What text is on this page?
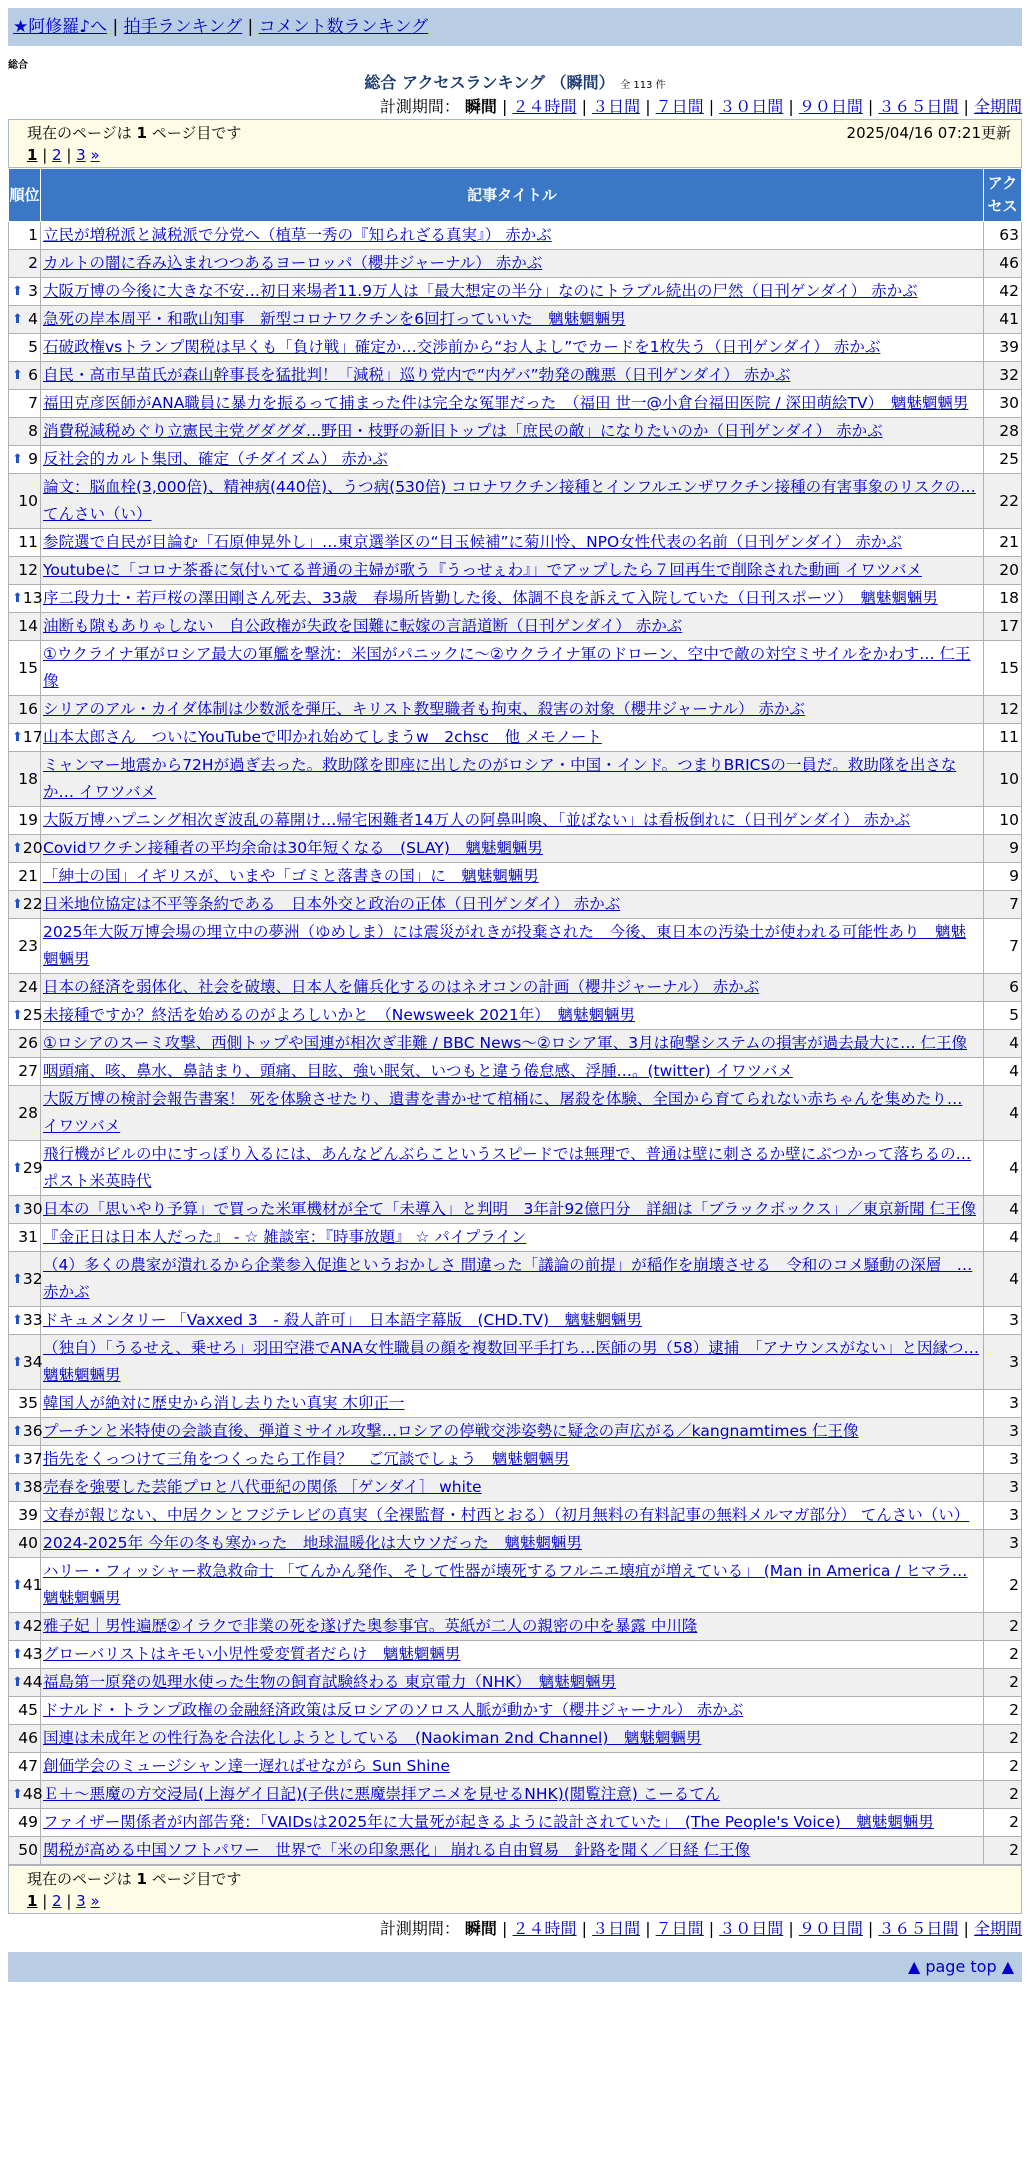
★阿修羅♪へ | 拍手ランキング | コメント数ランキング
総合
総合 アクセスランキング （瞬間） 全 113 件
計測期間： 瞬間 | ２４時間 | ３日間 | ７日間 | ３０日間 | ９０日間 | ３６５日間 | 全期間
現在のページは 1 ページ目です	2025/04/16 07:21更新
1 | 2 | 3 »
順位	記事タイトル	アクセス
1	立民が増税派と減税派で分党へ（植草一秀の『知られざる真実』） 赤かぶ	63
2	カルトの闇に呑み込まれつつあるヨーロッパ（櫻井ジャーナル） 赤かぶ	46

⬆ 3	大阪万博の今後に大きな不安…初日来場者11.9万人は「最大想定の半分」なのにトラブル続出の尸然（日刊ゲンダイ） 赤かぶ	42

⬆ 4	急死の岸本周平・和歌山知事　新型コロナワクチンを6回打っていいた　魑魅魍魎男	41
5	石破政権vsトランプ関税は早くも「負け戦」確定か…交渉前から“お人よし”でカードを1枚失う（日刊ゲンダイ） 赤かぶ	39

⬆ 6	自民・高市早苗氏が森山幹事長を猛批判！「減税」巡り党内で“内ゲバ”勃発の醜悪（日刊ゲンダイ） 赤かぶ	32
7	福田克彦医師がANA職員に暴力を振るって捕まった件は完全な冤罪だった　（福田 世一@小倉台福田医院 / 深田萌絵TV）　魑魅魍魎男	30
8	消費税減税めぐり立憲民主党グダグダ…野田・枝野の新旧トップは「庶民の敵」になりたいのか（日刊ゲンダイ） 赤かぶ	28

⬆ 9	反社会的カルト集団、確定（チダイズム） 赤かぶ	25
10	論文：脳血栓(3,000倍)、精神病(440倍)、うつ病(530倍) コロナワクチン接種とインフルエンザワクチン接種の有害事象のリスクの… てんさい（い）	22
11	参院選で自民が目論む「石原伸晃外し」…東京選挙区の“目玉候補”に菊川怜、NPO女性代表の名前（日刊ゲンダイ） 赤かぶ	21
12	Youtubeに「コロナ茶番に気付いてる普通の主婦が歌う『うっせぇわ』」でアップしたら７回再生で削除された動画 イワツバメ	20

⬆ 13	序二段力士・若戸桜の澤田剛さん死去、33歳　春場所皆勤した後、体調不良を訴えて入院していた（日刊スポーツ）　魑魅魍魎男	18
14	油断も隙もありゃしない　自公政権が失政を国難に転嫁の言語道断（日刊ゲンダイ） 赤かぶ	17
15	①ウクライナ軍がロシア最大の軍艦を撃沈：米国がパニックに～②ウクライナ軍のドローン、空中で敵の対空ミサイルをかわす… 仁王像	15
16	シリアのアル・カイダ体制は少数派を弾圧、キリスト教聖職者も拘束、殺害の対象（櫻井ジャーナル） 赤かぶ	12

⬆ 17	山本太郎さん　ついにYouTubeで叩かれ始めてしまうw　2chsc　他 メモノート	11
18	ミャンマー地震から72Hが過ぎ去った。救助隊を即座に出したのがロシア・中国・インド。つまりBRICSの一員だ。救助隊を出さなか… イワツバメ	10
19	大阪万博ハプニング相次ぎ波乱の幕開け…帰宅困難者14万人の阿鼻叫喚、「並ばない」は看板倒れに（日刊ゲンダイ） 赤かぶ	10

⬆ 20	Covidワクチン接種者の平均余命は30年短くなる　(SLAY)　魑魅魍魎男	9
21	「紳士の国」イギリスが、いまや「ゴミと落書きの国」に　魑魅魍魎男	9

⬆ 22	日米地位協定は不平等条約である　日本外交と政治の正体（日刊ゲンダイ） 赤かぶ	7
23	2025年大阪万博会場の埋立中の夢洲（ゆめしま）には震災がれきが投棄された　今後、東日本の汚染土が使われる可能性あり　魑魅魍魎男	7
24	日本の経済を弱体化、社会を破壊、日本人を傭兵化するのはネオコンの計画（櫻井ジャーナル） 赤かぶ	6

⬆ 25	未接種ですか？終活を始めるのがよろしいかと　（Newsweek 2021年）　魑魅魍魎男	5
26	①ロシアのスーミ攻撃、西側トップや国連が相次ぎ非難 / BBC News～②ロシア軍、3月は砲撃システムの損害が過去最大に… 仁王像	4
27	咽頭痛、咳、鼻水、鼻詰まり、頭痛、目眩、強い眠気、いつもと違う倦怠感、浮腫…。(twitter) イワツバメ	4
28	大阪万博の検討会報告書案！ 死を体験させたり、遺書を書かせて棺桶に、屠殺を体験、全国から育てられない赤ちゃんを集めたり… イワツバメ	4

⬆ 29	飛行機がビルの中にすっぽり入るには、あんなどんぶらこというスピードでは無理で、普通は壁に刺さるか壁にぶつかって落ちるの… ポスト米英時代	4

⬆ 30	日本の「思いやり予算」で買った米軍機材が全て「未導入」と判明　3年計92億円分　詳細は「ブラックボックス」／東京新聞 仁王像	4
31	『金正日は日本人だった』 - ☆ 雑談室：『時事放題』 ☆ パイプライン	4

⬆ 32	（4）多くの農家が潰れるから企業参入促進というおかしさ 間違った「議論の前提」が稲作を崩壊させる　令和のコメ騒動の深層　… 赤かぶ	4

⬆ 33	ドキュメンタリー 「Vaxxed 3　- 殺人許可」　日本語字幕版　(CHD.TV)　魑魅魍魎男	3

⬆ 34	（独自）「うるせえ、乗せろ」羽田空港でANA女性職員の顔を複数回平手打ち…医師の男（58）逮捕　「アナウンスがない」と因縁つ… 魑魅魍魎男	3
35	韓国人が絶対に歴史から消し去りたい真実 木卯正一	3

⬆ 36	プーチンと米特使の会談直後、弾道ミサイル攻撃…ロシアの停戦交渉姿勢に疑念の声広がる／kangnamtimes 仁王像	3

⬆ 37	指先をくっつけて三角をつくったら工作員？　ご冗談でしょう　魑魅魍魎男	3

⬆ 38	売春を強要した芸能プロと八代亜紀の関係 ［ゲンダイ］ white	3
39	文春が報じない、中居クンとフジテレビの真実（全裸監督・村西とおる）（初月無料の有料記事の無料メルマガ部分） てんさい（い）	3
40	2024-2025年 今年の冬も寒かった　地球温暖化は大ウソだった　魑魅魍魎男	3

⬆ 41	ハリー・フィッシャー救急救命士 「てんかん発作、そして性器が壊死するフルニエ壊疽が増えている」 (Man in America / ヒマラ… 魑魅魍魎男	2

⬆ 42	雅子妃｜男性遍歴②イラクで非業の死を遂げた奥参事官。英紙が二人の親密の中を暴露 中川隆	2

⬆ 43	グローバリストはキモい小児性愛変質者だらけ　魑魅魍魎男	2

⬆ 44	福島第一原発の処理水使った生物の飼育試験終わる 東京電力（NHK）　魑魅魍魎男	2
45	ドナルド・トランプ政権の金融経済政策は反ロシアのソロス人脈が動かす（櫻井ジャーナル） 赤かぶ	2
46	国連は未成年との性行為を合法化しようとしている　(Naokiman 2nd Channel)　魑魅魍魎男	2
47	創価学会のミュージシャン達一遅ればせながら Sun Shine	2

⬆ 48	Ｅ＋～悪魔の方交浸局(上海ゲイ日記)(子供に悪魔崇拝アニメを見せるNHK)(閲覧注意) こーるてん	2
49	ファイザー関係者が内部告発：「VAIDsは2025年に大量死が起きるように設計されていた」　(The People's Voice)　魑魅魍魎男	2
50	関税が高める中国ソフトパワー　世界で「米の印象悪化」 崩れる自由貿易　針路を聞く／日経 仁王像	2
現在のページは 1 ページ目です
1 | 2 | 3 »
計測期間： 瞬間 | ２４時間 | ３日間 | ７日間 | ３０日間 | ９０日間 | ３６５日間 | 全期間
▲ page top ▲
